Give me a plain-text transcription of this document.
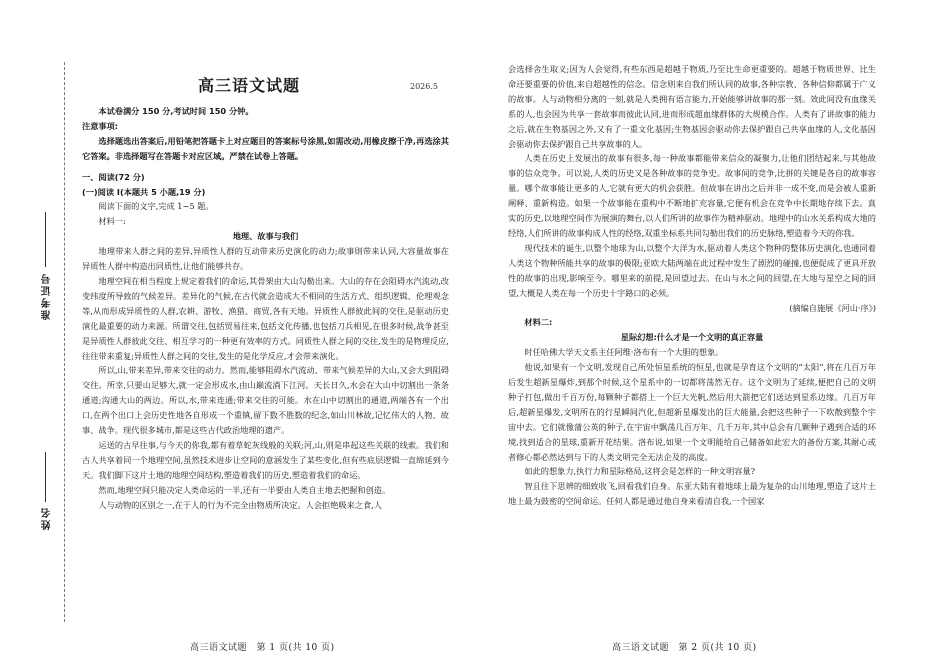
准考证号
姓名
高三语文试题	2026.5

本试卷满分 150 分,考试时间 150 分钟。

注意事项:

选择题选出答案后,用铅笔把答题卡上对应题目的答案标号涂黑,如需改动,用橡皮擦干净,再选涂其它答案。非选择题写在答题卡对应区域。严禁在试卷上答题。

一、阅读(72 分)

(一)阅读 I(本题共 5 小题,19 分)

阅读下面的文字,完成 1~5 题。

材料一:

地理、故事与我们

地理带来人群之间的差异,异质性人群的互动带来历史演化的动力;故事則带来认同,大容量故事在异质性人群中构造出同质性,让他们能够共存。

地理空间在相当程度上规定着我们的命运,其骨架由大山勾勒出来。大山的存在会阻碍水汽流动,改变纬度所导致的气候差异。差异化的气候,在古代就会造成大不相同的生活方式、组织逻辑、伦理观念等,从而形成异质性的人群,农耕、游牧、渔猎、商贸,各有天地。异质性人群彼此间的交往,是驱动历史演化最重要的动力来源。所谓交往,包括贸易往来,包括文化传播,也包括刀兵相见,在很多时候,战争甚至是异质性人群彼此交往、相互学习的一种更有效率的方式。同质性人群之间的交往,发生的是物理反应,往往带来重复;异质性人群之间的交往,发生的是化学反应,才会带来演化。

所以,山,带来差异,带来交往的动力。然而,能够阻碍水汽流动、带来气候差异的大山,又会大到阻碍交往。所幸,只要山足够大,就一定会形成水,由山巅流淌下江河。天长日久,水会在大山中切割出一条条通道;沟通大山的两边。所以,水,带来连通;带来交往的可能。水在山中切割出的通道,两端各有一个出口,在两个出口上会历史性地各自形成一个重镇,留下数不胜数的纪念,如山川林故,记忆伟大的人物、故事、战争。现代很多城市,都是这些古代政治地理的遗产。

运送的古早往事,与今天的你我,都有着草蛇灰线般的关联;河,山,则是串起这些关联的线索。我们和古人共享着同一个地理空间,虽然技术进步让空间的意涵发生了某些变化,但有些底层逻辑一直绵延到今天。我们脚下这片土地的地理空间结构,塑造着我们的历史,塑造着我们的命运。

然而,地理空间只能决定人类命运的一半,还有一半要由人类自主地去把握和创造。

人与动物的区别之一,在于人的行为不完全由物质所决定。人会拒绝吸来之食,人

会选择舍生取义;因为人会觉得,有些东西是超越于物质,乃至比生命更重要的。超越于物质世界、比生命还要重要的价值,来自超越性的信念。信念则来自我们所认同的故事,各种宗教、各种信仰都属于广义的故事。人与动物相分离的一刻,就是人类拥有语言能力,开始能够讲故事的那一刻。效此间没有血缘关系的人,也会因为共享一套故事而彼此认同,进而形成超血缘群体的大规模合作。人类有了讲故事的能力之后,就在生物基因之外,又有了一重文化基因;生物基因会驱动你去保护跟自己共享血缘的人,文化基因会驱动你去保护跟自己共享故事的人。

人类在历史上发展出的故事有很多,每一种故事都能带来信众的凝聚力,让他们团结起来,与其他故事的信众竞争。可以说,人类的历史又是各种故事的竞争史。故事间的竞争,比拼的关键是各自的故事容量。哪个故事能让更多的人,它就有更大的机会获胜。但故事在讲出之后并非一成不变,而是会被人重新阐释、重新构造。如果一个故事能在重构中不断地扩充容量,它便有机会在竞争中长期地存续下去。真实的历史,以地理空间作为展演的舞台,以人们所讲的故事作为精神驱动。地理中的山水关系构成大地的经络,人们所讲的故事构成人性的经络,双重坐标系共同勾勒出我们的历史脉络,塑造着今天的你我。

现代技术的诞生,以整个地球为山,以整个大洋为水,驱动着人类这个物种的整体历史演化,也通同着人类这个物种所能共享的故事的极限;亚欧大陆两端在此过程中发生了剧烈的碰撞,也便促成了更具开放性的故事的出现,影响至今。哪里来的前提,是回望过去。在山与水之间的回望,在大地与星空之间的回望,大概是人类在每一个历史十字路口的必须。

(摘编自施展《河山·序》)

材料二:

星际幻想:什么才是一个文明的真正容量

时任哈佛大学天文系主任阿维·洛布有一个大胆的想象。

他说,如果有一个文明,发现自己所处恒星系统的恒星,也就是孕育这个文明的“太阳”,将在几百万年后发生超新星爆炸,到那个时候,这个星系中的一切都将荡然无存。这个文明为了延续,便把自己的文明种子打包,做出千百万份,每颗种子都搭上一个巨大光帆,然后用大箭把它们送达到星系边缘。几百万年后,超新星爆发,文明所在的行星瞬间汽化,但超新星爆发出的巨大能量,会把这些种子一下吹散到整个宇宙中去。它们就像蒲公英的种子,在宇宙中飘荡几百万年、几千万年,其中总会有几颗种子遇到合适的环境,找到适合的星球,重新开花结果。洛布说,如果一个文明能给自己储备如此宏大的备份方案,其耐心或者修心都必然达到与下的人类文明完全无法企及的高度。

如此的想象力,执行力和星际格局,这将会是怎样的一种文明容量?

智且往下思辨的细致收飞,回看我们自身。东亚大陆有着地球上最为复杂的山川地理,塑造了这片土地上最为鼓密的空间命运。任何人都是通过他自身来看清自我,一个国家

高三语文试题　第 1 页(共 10 页)	高三语文试题　第 2 页(共 10 页)
